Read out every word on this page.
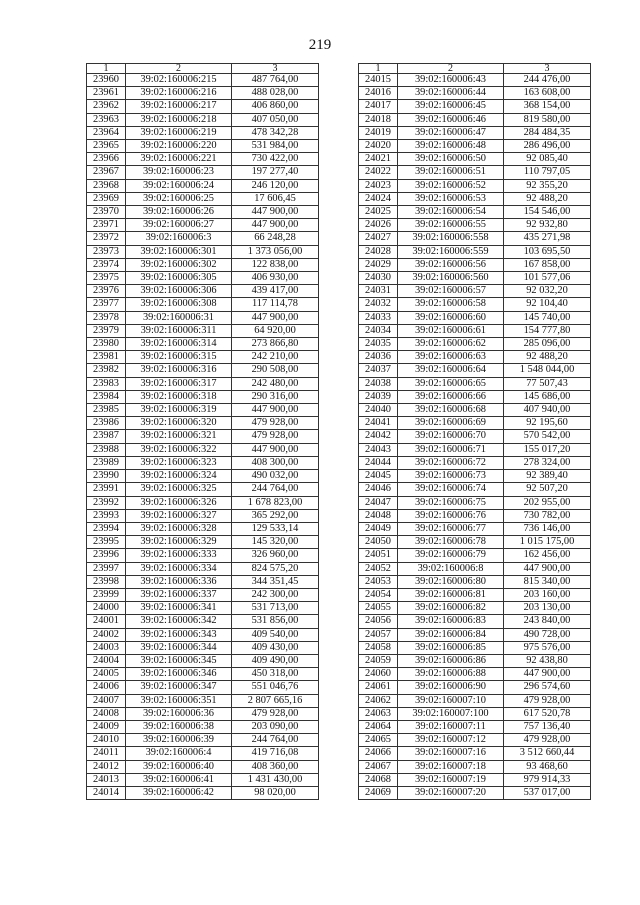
219
1	2	3
23960	39:02:160006:215	487 764,00
23961	39:02:160006:216	488 028,00
23962	39:02:160006:217	406 860,00
23963	39:02:160006:218	407 050,00
23964	39:02:160006:219	478 342,28
23965	39:02:160006:220	531 984,00
23966	39:02:160006:221	730 422,00
23967	39:02:160006:23	197 277,40
23968	39:02:160006:24	246 120,00
23969	39:02:160006:25	17 606,45
23970	39:02:160006:26	447 900,00
23971	39:02:160006:27	447 900,00
23972	39:02:160006:3	66 248,28
23973	39:02:160006:301	1 373 056,00
23974	39:02:160006:302	122 838,00
23975	39:02:160006:305	406 930,00
23976	39:02:160006:306	439 417,00
23977	39:02:160006:308	117 114,78
23978	39:02:160006:31	447 900,00
23979	39:02:160006:311	64 920,00
23980	39:02:160006:314	273 866,80
23981	39:02:160006:315	242 210,00
23982	39:02:160006:316	290 508,00
23983	39:02:160006:317	242 480,00
23984	39:02:160006:318	290 316,00
23985	39:02:160006:319	447 900,00
23986	39:02:160006:320	479 928,00
23987	39:02:160006:321	479 928,00
23988	39:02:160006:322	447 900,00
23989	39:02:160006:323	408 300,00
23990	39:02:160006:324	490 032,00
23991	39:02:160006:325	244 764,00
23992	39:02:160006:326	1 678 823,00
23993	39:02:160006:327	365 292,00
23994	39:02:160006:328	129 533,14
23995	39:02:160006:329	145 320,00
23996	39:02:160006:333	326 960,00
23997	39:02:160006:334	824 575,20
23998	39:02:160006:336	344 351,45
23999	39:02:160006:337	242 300,00
24000	39:02:160006:341	531 713,00
24001	39:02:160006:342	531 856,00
24002	39:02:160006:343	409 540,00
24003	39:02:160006:344	409 430,00
24004	39:02:160006:345	409 490,00
24005	39:02:160006:346	450 318,00
24006	39:02:160006:347	551 046,76
24007	39:02:160006:351	2 807 665,16
24008	39:02:160006:36	479 928,00
24009	39:02:160006:38	203 090,00
24010	39:02:160006:39	244 764,00
24011	39:02:160006:4	419 716,08
24012	39:02:160006:40	408 360,00
24013	39:02:160006:41	1 431 430,00
24014	39:02:160006:42	98 020,00
1	2	3
24015	39:02:160006:43	244 476,00
24016	39:02:160006:44	163 608,00
24017	39:02:160006:45	368 154,00
24018	39:02:160006:46	819 580,00
24019	39:02:160006:47	284 484,35
24020	39:02:160006:48	286 496,00
24021	39:02:160006:50	92 085,40
24022	39:02:160006:51	110 797,05
24023	39:02:160006:52	92 355,20
24024	39:02:160006:53	92 488,20
24025	39:02:160006:54	154 546,00
24026	39:02:160006:55	92 932,80
24027	39:02:160006:558	435 271,98
24028	39:02:160006:559	103 695,50
24029	39:02:160006:56	167 858,00
24030	39:02:160006:560	101 577,06
24031	39:02:160006:57	92 032,20
24032	39:02:160006:58	92 104,40
24033	39:02:160006:60	145 740,00
24034	39:02:160006:61	154 777,80
24035	39:02:160006:62	285 096,00
24036	39:02:160006:63	92 488,20
24037	39:02:160006:64	1 548 044,00
24038	39:02:160006:65	77 507,43
24039	39:02:160006:66	145 686,00
24040	39:02:160006:68	407 940,00
24041	39:02:160006:69	92 195,60
24042	39:02:160006:70	570 542,00
24043	39:02:160006:71	155 017,20
24044	39:02:160006:72	278 324,00
24045	39:02:160006:73	92 389,40
24046	39:02:160006:74	92 507,20
24047	39:02:160006:75	202 955,00
24048	39:02:160006:76	730 782,00
24049	39:02:160006:77	736 146,00
24050	39:02:160006:78	1 015 175,00
24051	39:02:160006:79	162 456,00
24052	39:02:160006:8	447 900,00
24053	39:02:160006:80	815 340,00
24054	39:02:160006:81	203 160,00
24055	39:02:160006:82	203 130,00
24056	39:02:160006:83	243 840,00
24057	39:02:160006:84	490 728,00
24058	39:02:160006:85	975 576,00
24059	39:02:160006:86	92 438,80
24060	39:02:160006:88	447 900,00
24061	39:02:160006:90	296 574,60
24062	39:02:160007:10	479 928,00
24063	39:02:160007:100	617 520,78
24064	39:02:160007:11	757 136,40
24065	39:02:160007:12	479 928,00
24066	39:02:160007:16	3 512 660,44
24067	39:02:160007:18	93 468,60
24068	39:02:160007:19	979 914,33
24069	39:02:160007:20	537 017,00
